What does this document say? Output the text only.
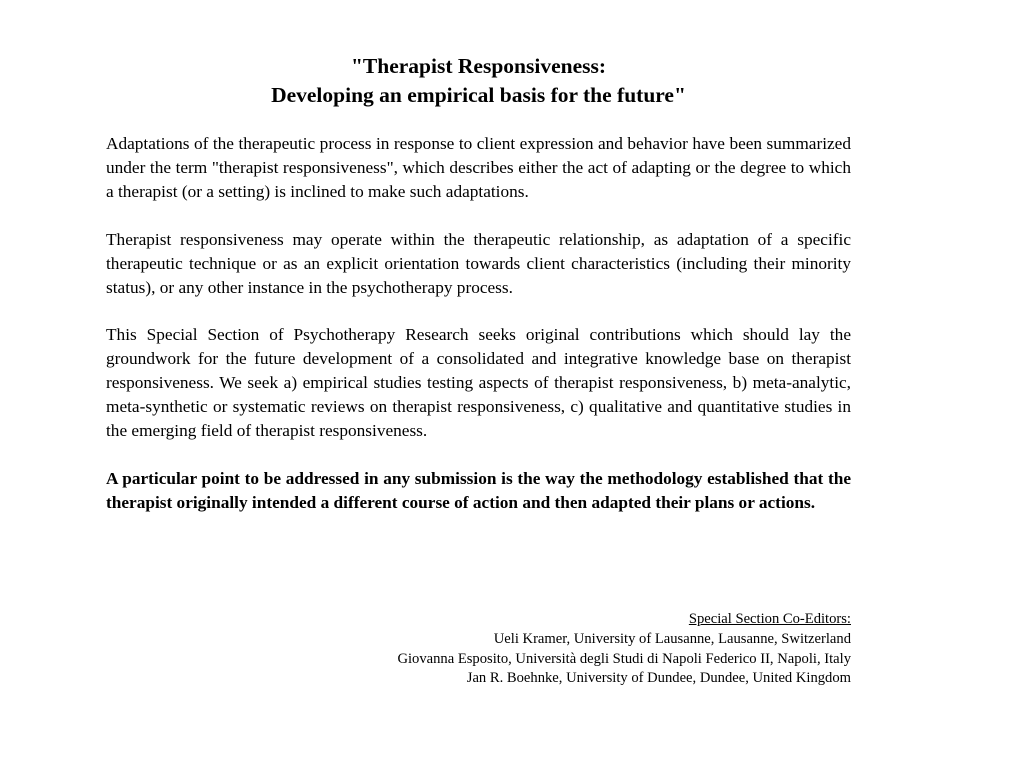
"Therapist Responsiveness:
Developing an empirical basis for the future"

Adaptations of the therapeutic process in response to client expression and behavior have been summarized under the term "therapist responsiveness", which describes either the act of adapting or the degree to which a therapist (or a setting) is inclined to make such adaptations.

Therapist responsiveness may operate within the therapeutic relationship, as adaptation of a specific therapeutic technique or as an explicit orientation towards client characteristics (including their minority status), or any other instance in the psychotherapy process.

This Special Section of Psychotherapy Research seeks original contributions which should lay the groundwork for the future development of a consolidated and integrative knowledge base on therapist responsiveness. We seek a) empirical studies testing aspects of therapist responsiveness, b) meta-analytic, meta-synthetic or systematic reviews on therapist responsiveness, c) qualitative and quantitative studies in the emerging field of therapist responsiveness.

A particular point to be addressed in any submission is the way the methodology established that the therapist originally intended a different course of action and then adapted their plans or actions.

Special Section Co-Editors:
Ueli Kramer, University of Lausanne, Lausanne, Switzerland
Giovanna Esposito, Università degli Studi di Napoli Federico II, Napoli, Italy
Jan R. Boehnke, University of Dundee, Dundee, United Kingdom
